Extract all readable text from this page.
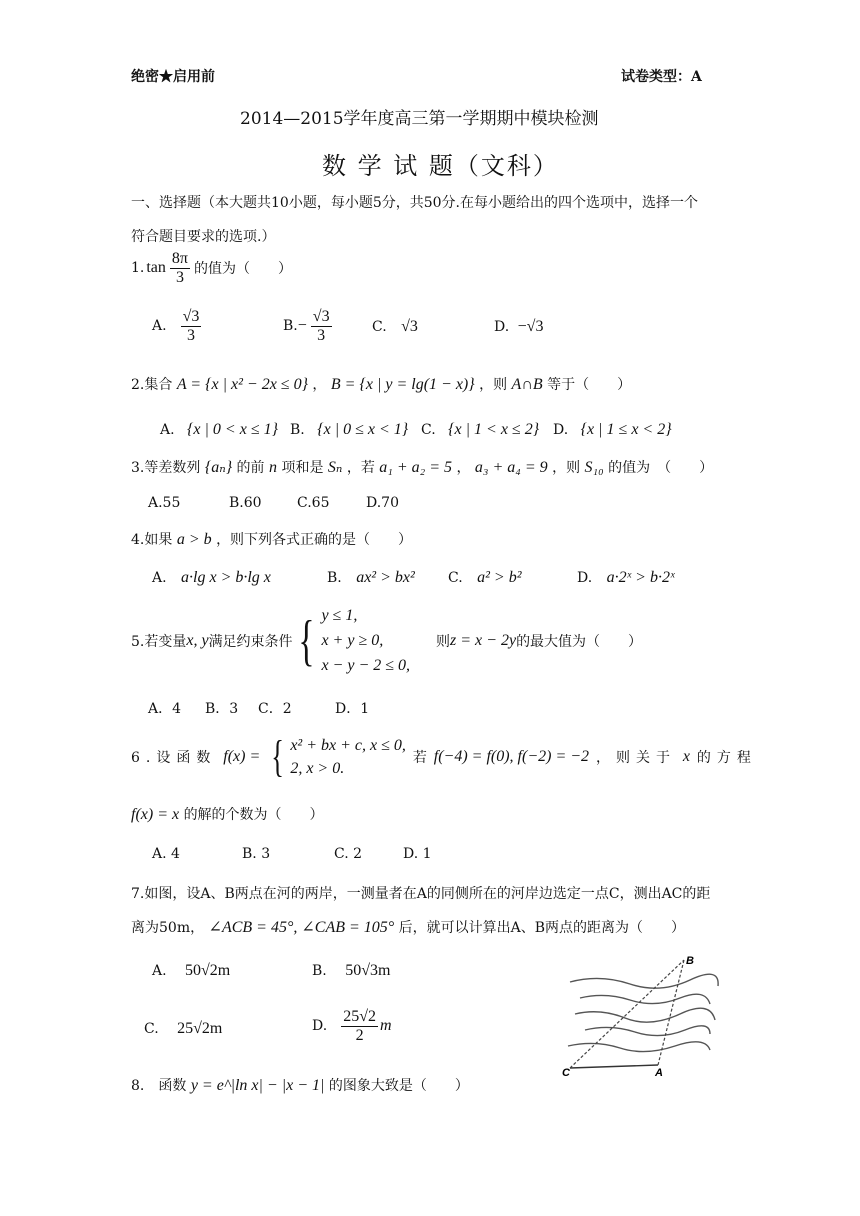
绝密★启用前	试卷类型：A
2014—2015学年度高三第一学期期中模块检测
数 学 试 题（文科）
一、选择题（本大题共10小题，每小题5分，共50分.在每小题给出的四个选项中，选择一个
符合题目要求的选项.）
1. $\tan \frac{8\pi}{3}$ 的值为（　　）
A. $\frac{√3}{3}$	B. − $\frac{√3}{3}$	C. √3	D. −√3
2.集合 A = {x | x² − 2x ≤ 0} ， B = {x | y = lg(1 − x)} ，则 A∩B 等于（　　）
A. {x | 0 < x ≤ 1} B. {x | 0 ≤ x < 1} C. {x | 1 < x ≤ 2} D. {x | 1 ≤ x < 2}
3.等差数列 {aₙ} 的前 n 项和是 Sₙ ，若 a₁ + a₂ = 5 ， a₃ + a₄ = 9 ，则 S₁₀ 的值为　（　　）
A.55	B.60	C.65	D.70
4.如果 a > b ，则下列各式正确的是（　　）
A. a·lg x > b·lg x	B. ax² > bx² C. a² > b²	D. a·2ˣ > b·2ˣ
5.若变量 x, y 满足约束条件 { y ≤ 1,
x + y ≥ 0,
x − y − 2 ≤ 0,
则 z = x − 2y 的最大值为（　　）
A．4 B．3 C．2	D．1
6.设函数 f(x) = { x² + bx + c, x ≤ 0,
2, x > 0.
若 f(−4) = f(0), f(−2) = −2 ，则关于 x 的方程
f(x) = x 的解的个数为（　　）
A. 4	B. 3	C. 2	D. 1
7.如图，设A、B两点在河的两岸，一测量者在A的同侧所在的河岸边选定一点C，测出AC的距
离为50m， ∠ACB = 45°, ∠CAB = 105° 后，就可以计算出A、B两点的距离为（　　）
A. 50√2m	B. 50√3m
C. 25√2m	D. $\frac{25√2}{2}$ m
B
C	A
8.　函数 y = e^|ln x| − |x − 1| 的图象大致是（　　）
